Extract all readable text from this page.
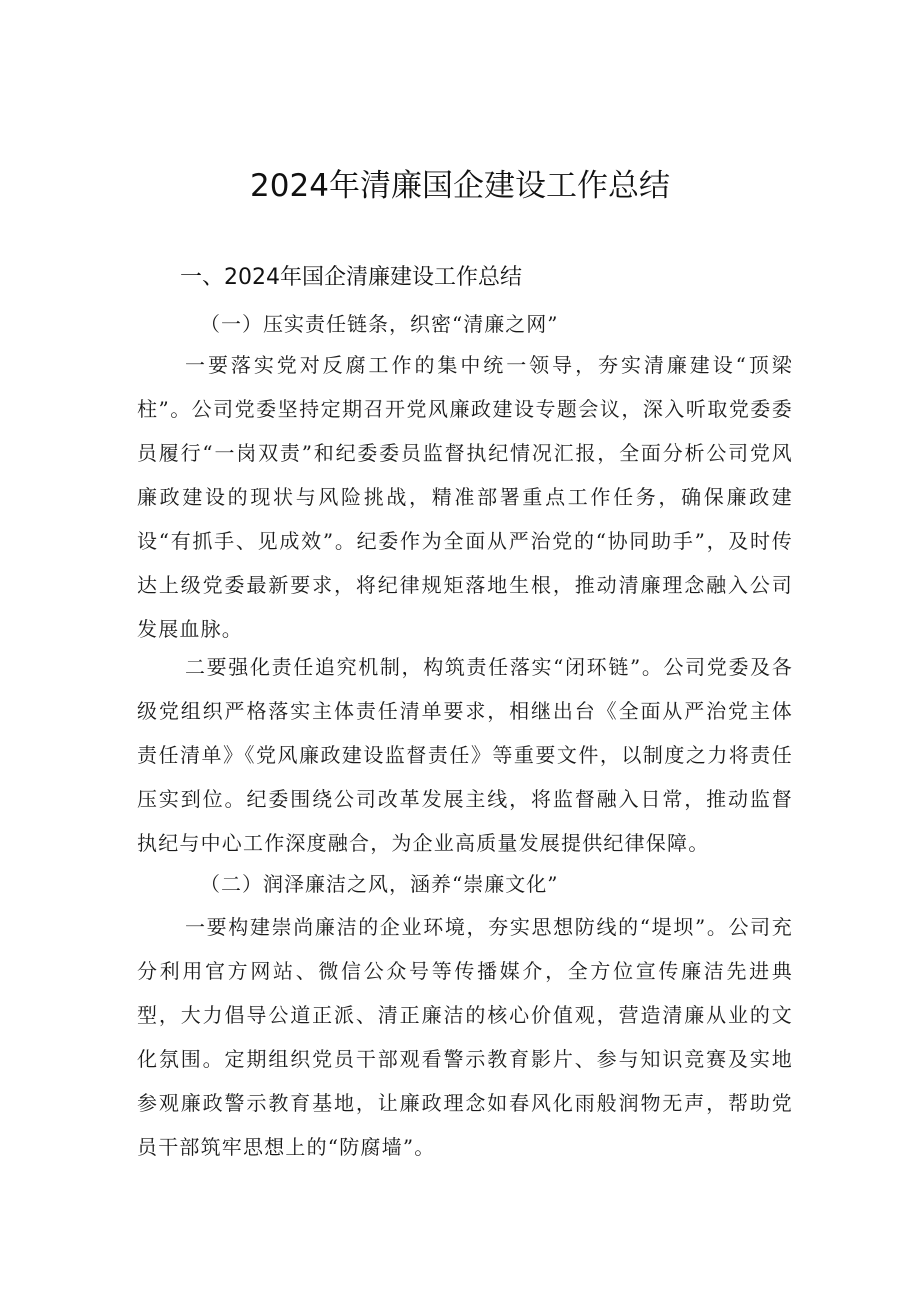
2024年清廉国企建设工作总结
一、2024年国企清廉建设工作总结
（一）压实责任链条，织密“清廉之网”

一要落实党对反腐工作的集中统一领导，夯实清廉建设“顶梁柱”。公司党委坚持定期召开党风廉政建设专题会议，深入听取党委委员履行“一岗双责”和纪委委员监督执纪情况汇报，全面分析公司党风廉政建设的现状与风险挑战，精准部署重点工作任务，确保廉政建设“有抓手、见成效”。纪委作为全面从严治党的“协同助手”，及时传达上级党委最新要求，将纪律规矩落地生根，推动清廉理念融入公司发展血脉。

二要强化责任追究机制，构筑责任落实“闭环链”。公司党委及各级党组织严格落实主体责任清单要求，相继出台《全面从严治党主体责任清单》《党风廉政建设监督责任》等重要文件，以制度之力将责任压实到位。纪委围绕公司改革发展主线，将监督融入日常，推动监督执纪与中心工作深度融合，为企业高质量发展提供纪律保障。

（二）润泽廉洁之风，涵养“崇廉文化”

一要构建崇尚廉洁的企业环境，夯实思想防线的“堤坝”。公司充分利用官方网站、微信公众号等传播媒介，全方位宣传廉洁先进典型，大力倡导公道正派、清正廉洁的核心价值观，营造清廉从业的文化氛围。定期组织党员干部观看警示教育影片、参与知识竞赛及实地参观廉政警示教育基地，让廉政理念如春风化雨般润物无声，帮助党员干部筑牢思想上的“防腐墙”。
